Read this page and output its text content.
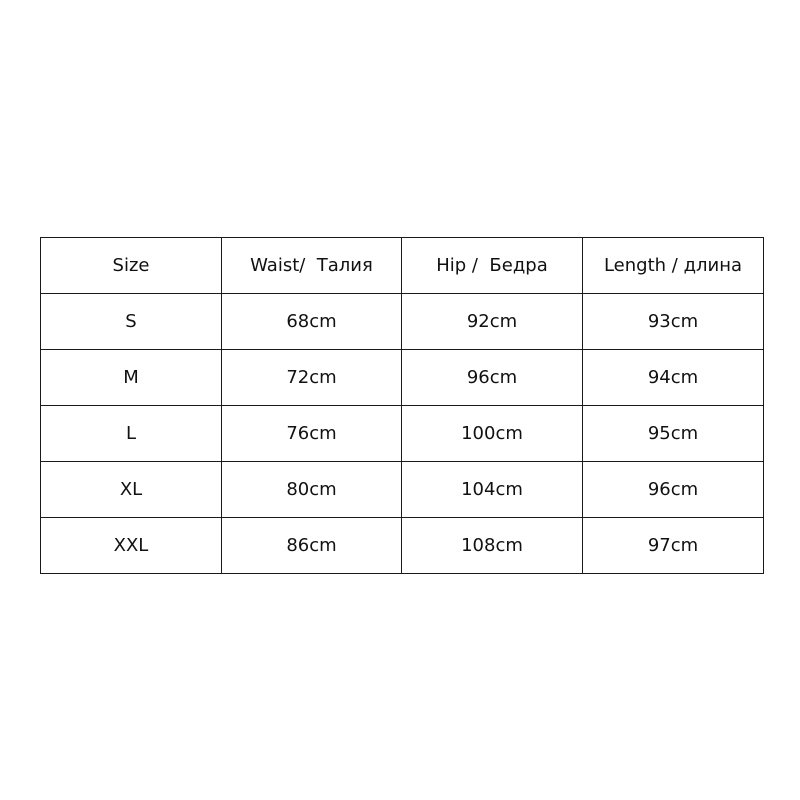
Size	Waist/  Талия	Hip /  Бедра	Length / длина
S	68cm	92cm	93cm
M	72cm	96cm	94cm
L	76cm	100cm	95cm
XL	80cm	104cm	96cm
XXL	86cm	108cm	97cm
